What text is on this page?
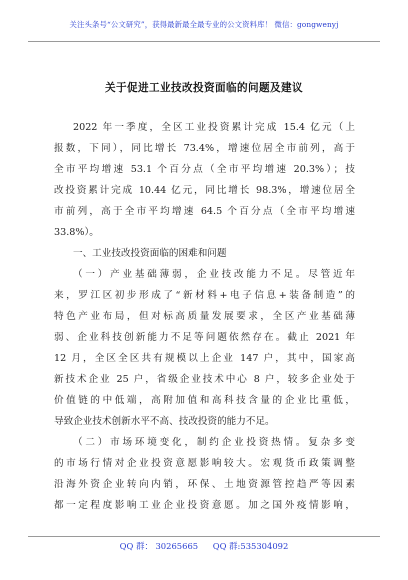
关注头条号“公文研究”，获得最新最全最专业的公文资料库！ 微信：gongwenyj
关于促进工业技改投资面临的问题及建议
2022 年一季度，全区工业投资累计完成 15.4 亿元（上
报数，下同），同比增长 73.4%，增速位居全市前列，高于
全市平均增速 53.1 个百分点（全市平均增速 20.3%）；技
改投资累计完成 10.44 亿元，同比增长 98.3%，增速位居全
市前列，高于全市平均增速 64.5 个百分点（全市平均增速
33.8%）。
一、工业技改投资面临的困难和问题
（一）产业基础薄弱，企业技改能力不足。尽管近年
来，罗江区初步形成了“新材料+电子信息+装备制造”的
特色产业布局，但对标高质量发展要求，全区产业基础薄
弱、企业科技创新能力不足等问题依然存在。截止 2021 年
12 月，全区全区共有规模以上企业 147 户，其中，国家高
新技术企业 25 户，省级企业技术中心 8 户，较多企业处于
价值链的中低端，高附加值和高科技含量的企业比重低，
导致企业技术创新水平不高、技改投资的能力不足。
（二）市场环境变化，制约企业投资热情。复杂多变
的市场行情对企业投资意愿影响较大。宏观货币政策调整
沿海外资企业转向内销，环保、土地资源管控趋严等因素
都一定程度影响工业企业投资意愿。加之国外疫情影响，
QQ 群： 30265665 QQ 群:535304092
